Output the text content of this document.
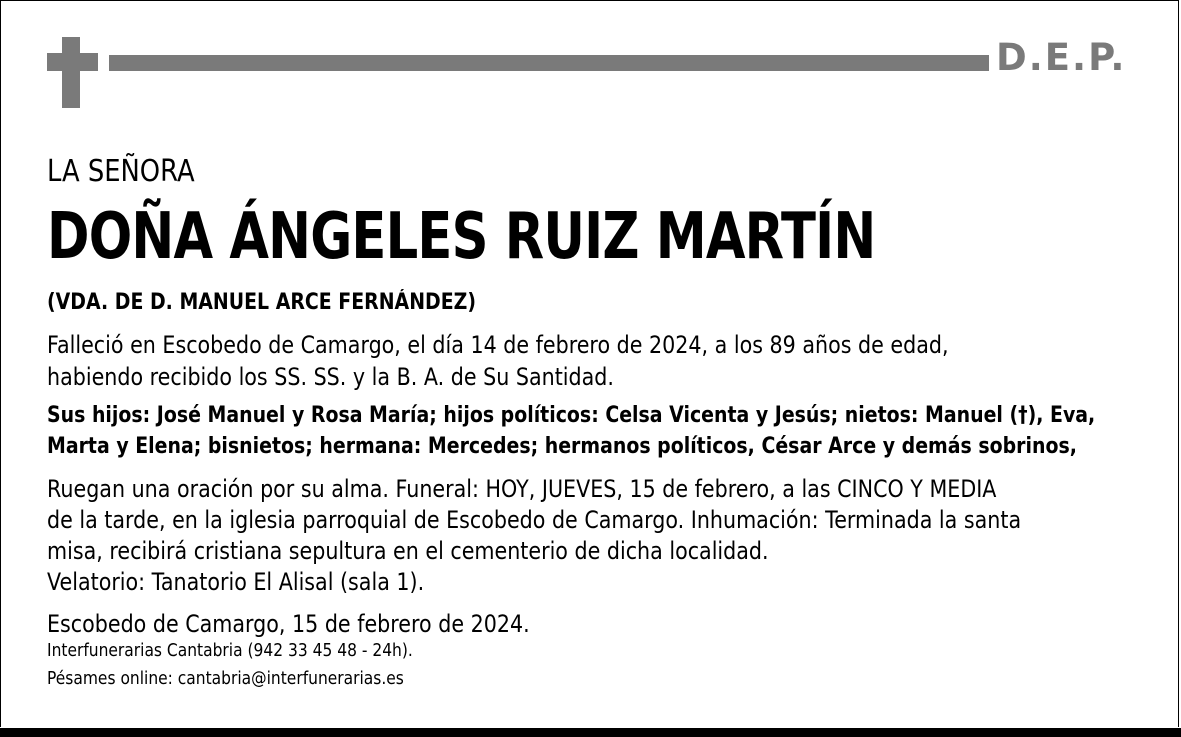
D.E.P.
LA SEÑORA
DOÑA ÁNGELES RUIZ MARTÍN
(VDA. DE D. MANUEL ARCE FERNÁNDEZ)
Falleció en Escobedo de Camargo, el día 14 de febrero de 2024, a los 89 años de edad,
habiendo recibido los SS. SS. y la B. A. de Su Santidad.
Sus hijos: José Manuel y Rosa María; hijos políticos: Celsa Vicenta y Jesús; nietos: Manuel (†), Eva,
Marta y Elena; bisnietos; hermana: Mercedes; hermanos políticos, César Arce y demás sobrinos,
Ruegan una oración por su alma. Funeral: HOY, JUEVES, 15 de febrero, a las CINCO Y MEDIA
de la tarde, en la iglesia parroquial de Escobedo de Camargo. Inhumación: Terminada la santa
misa, recibirá cristiana sepultura en el cementerio de dicha localidad.
Velatorio: Tanatorio El Alisal (sala 1).
Escobedo de Camargo, 15 de febrero de 2024.
Interfunerarias Cantabria (942 33 45 48 - 24h).
Pésames online: cantabria@interfunerarias.es
